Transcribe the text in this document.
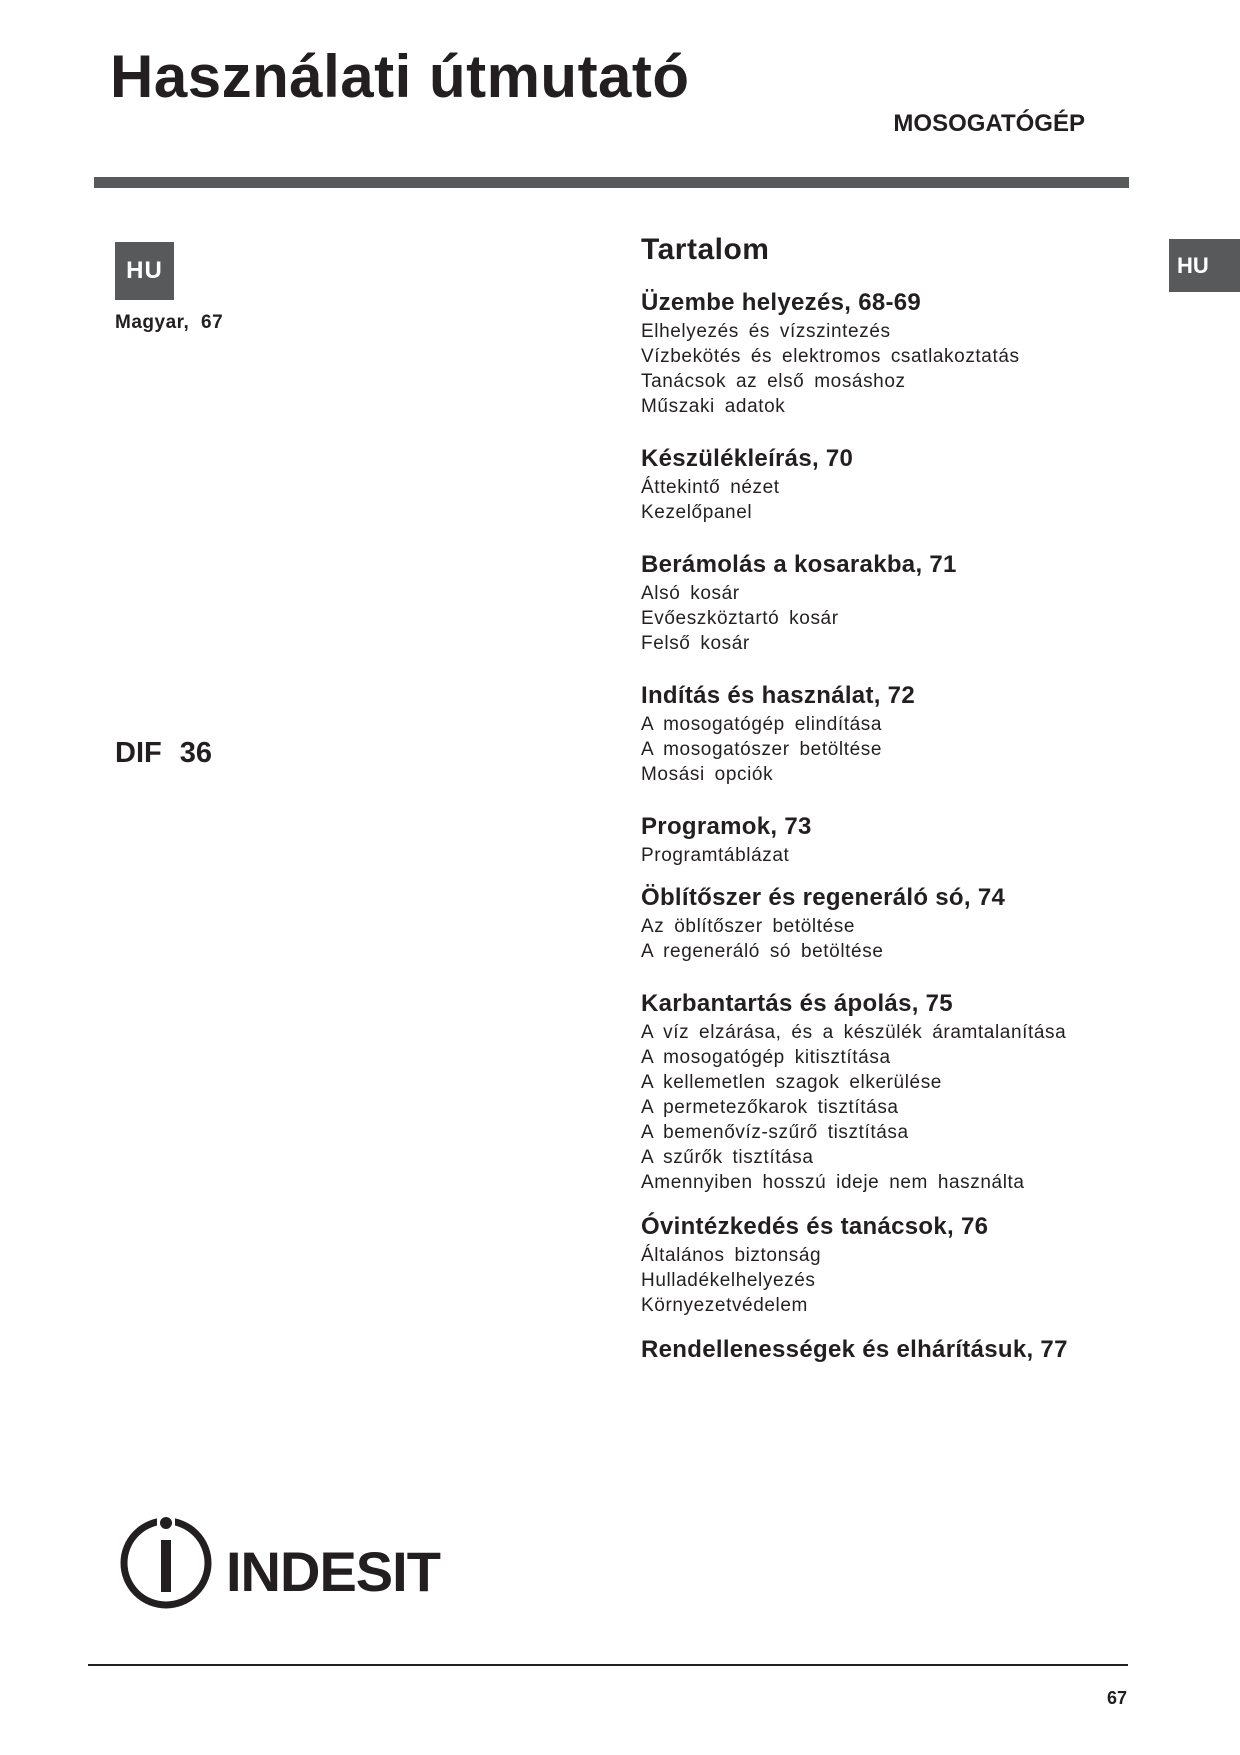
Használati útmutató
MOSOGATÓGÉP
HU
Magyar, 67
HU
DIF 36
Tartalom
Üzembe helyezés, 68-69
Elhelyezés és vízszintezés
Vízbekötés és elektromos csatlakoztatás
Tanácsok az első mosáshoz
Műszaki adatok
Készülékleírás, 70
Áttekintő nézet
Kezelőpanel
Berámolás a kosarakba, 71
Alsó kosár
Evőeszköztartó kosár
Felső kosár
Indítás és használat, 72
A mosogatógép elindítása
A mosogatószer betöltése
Mosási opciók
Programok, 73
Programtáblázat
Öblítőszer és regeneráló só, 74
Az öblítőszer betöltése
A regeneráló só betöltése
Karbantartás és ápolás, 75
A víz elzárása, és a készülék áramtalanítása
A mosogatógép kitisztítása
A kellemetlen szagok elkerülése
A permetezőkarok tisztítása
A bemenővíz-szűrő tisztítása
A szűrők tisztítása
Amennyiben hosszú ideje nem használta
Óvintézkedés és tanácsok, 76
Általános biztonság
Hulladékelhelyezés
Környezetvédelem
Rendellenességek és elhárításuk, 77
INDESIT
67
